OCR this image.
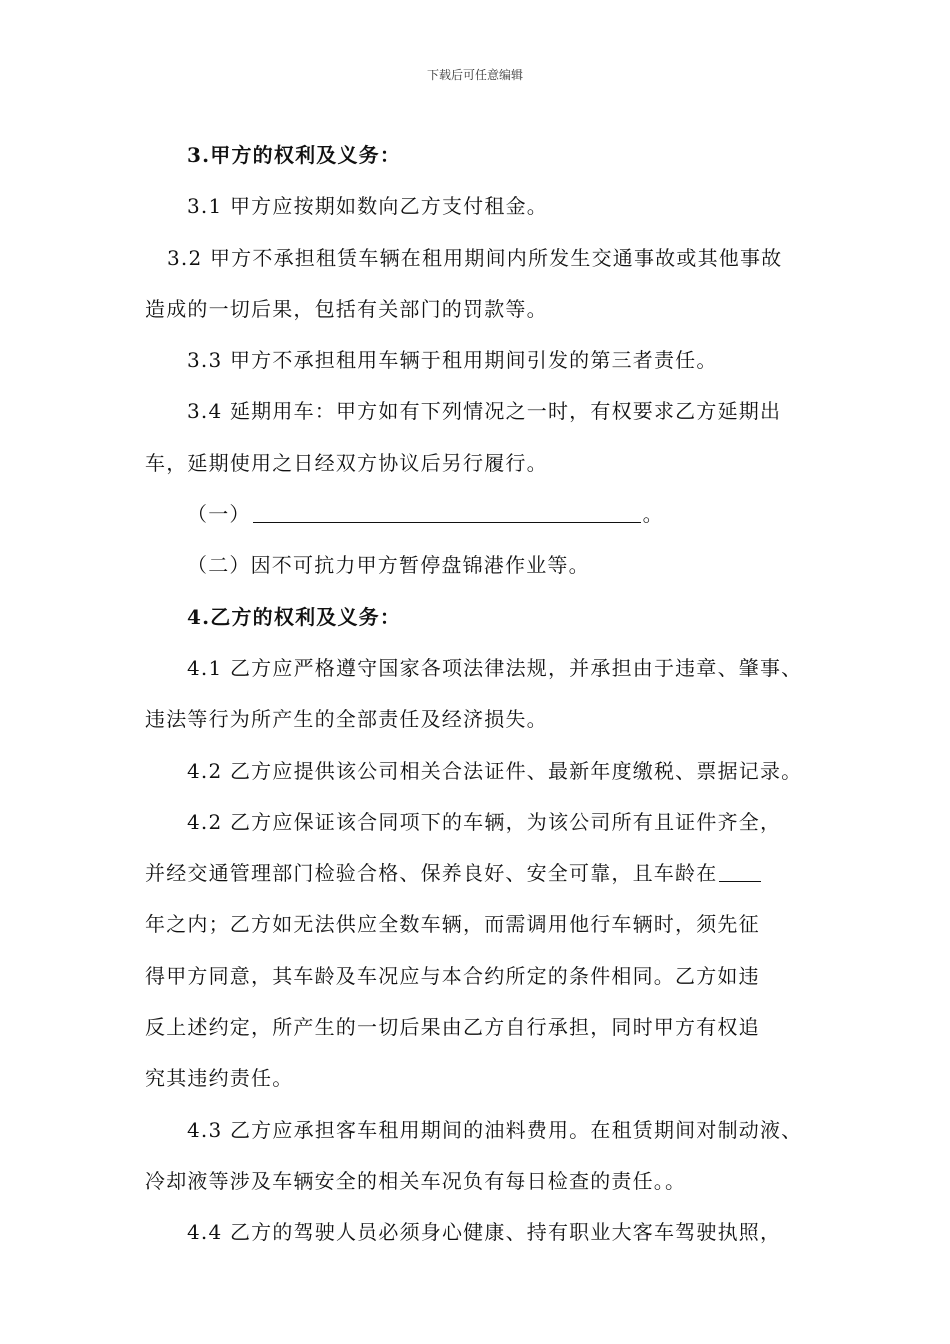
下载后可任意编辑
3.甲方的权利及义务：
3.1 甲方应按期如数向乙方支付租金。
3.2 甲方不承担租赁车辆在租用期间内所发生交通事故或其他事故
造成的一切后果，包括有关部门的罚款等。
3.3 甲方不承担租用车辆于租用期间引发的第三者责任。
3.4 延期用车：甲方如有下列情况之一时，有权要求乙方延期出
车，延期使用之日经双方协议后另行履行。
（一）	。
（二）因不可抗力甲方暂停盘锦港作业等。
4.乙方的权利及义务：
4.1 乙方应严格遵守国家各项法律法规，并承担由于违章、肇事、
违法等行为所产生的全部责任及经济损失。
4.2 乙方应提供该公司相关合法证件、最新年度缴税、票据记录。
4.2 乙方应保证该合同项下的车辆，为该公司所有且证件齐全，
并经交通管理部门检验合格、保养良好、安全可靠，且车龄在
年之内；乙方如无法供应全数车辆，而需调用他行车辆时，须先征
得甲方同意，其车龄及车况应与本合约所定的条件相同。乙方如违
反上述约定，所产生的一切后果由乙方自行承担，同时甲方有权追
究其违约责任。
4.3 乙方应承担客车租用期间的油料费用。在租赁期间对制动液、
冷却液等涉及车辆安全的相关车况负有每日检查的责任。。
4.4 乙方的驾驶人员必须身心健康、持有职业大客车驾驶执照，
